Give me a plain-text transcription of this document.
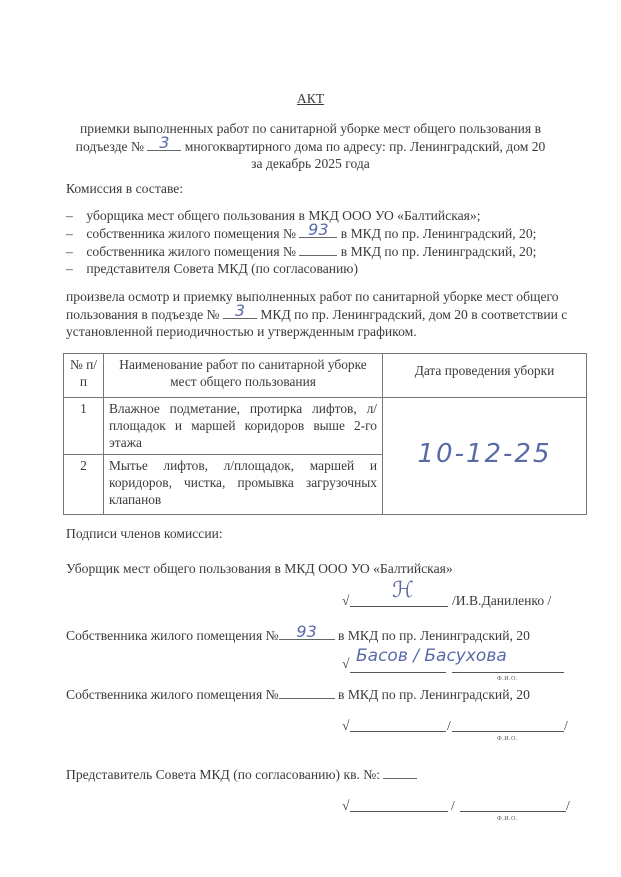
АКТ
приемки выполненных работ по санитарной уборке мест общего пользования в
подъезде № 3	многоквартирного дома по адресу: пр. Ленинградский, дом 20
за декабрь 2025 года
Комиссия в составе:
– уборщика мест общего пользования в МКД ООО УО «Балтийская»;
– собственника жилого помещения № 93 в МКД по пр. Ленинградский, 20;
– собственника жилого помещения №	в МКД по пр. Ленинградский, 20;
– представителя Совета МКД (по согласованию)
произвела осмотр и приемку выполненных работ по санитарной уборке мест общего
пользования в подъезде № 3	МКД по пр. Ленинградский, дом 20 в соответствии с
установленной периодичностью и утвержденным графиком.
№ п/п	Наименование работ по санитарной уборке мест общего пользования	Дата проведения уборки
1	Влажное подметание, протирка лифтов, л/площадок и маршей коридоров выше 2-го этажа	10-12-25
2	Мытье лифтов, л/площадок, маршей и коридоров, чистка, промывка загрузочных клапанов	
Подписи членов комиссии:
Уборщик мест общего пользования в МКД ООО УО «Балтийская»
√ ℋ	/И.В.Даниленко /
Собственника жилого помещения №	93	в МКД по пр. Ленинградский, 20
√ Басов / Басухова
Ф.И.О.
Собственника жилого помещения №	в МКД по пр. Ленинградский, 20
√	/	/
Ф.И.О.
Представитель Совета МКД (по согласованию) кв. №:
√	/	/
Ф.И.О.
